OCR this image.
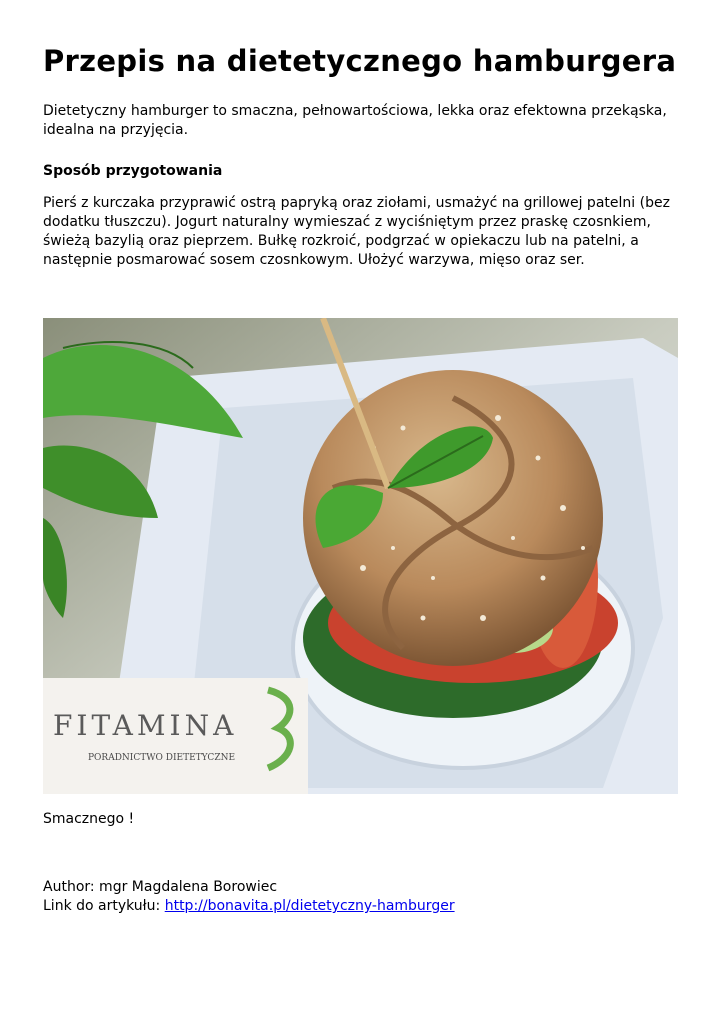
Przepis na dietetycznego hamburgera
Dietetyczny hamburger to smaczna, pełnowartościowa, lekka oraz efektowna przekąska, idealna na przyjęcia.
Sposób przygotowania
Pierś z kurczaka przyprawić ostrą papryką oraz ziołami, usmażyć na grillowej patelni (bez dodatku tłuszczu). Jogurt naturalny wymieszać z wyciśniętym przez praskę czosnkiem, świeżą bazylią oraz pieprzem. Bułkę rozkroić, podgrzać w opiekaczu lub na patelni, a następnie posmarować sosem czosnkowym. Ułożyć warzywa, mięso oraz ser.
FITAMINA
PORADNICTWO DIETETYCZNE
Smacznego !
Author: mgr Magdalena Borowiec
Link do artykułu: http://bonavita.pl/dietetyczny-hamburger
